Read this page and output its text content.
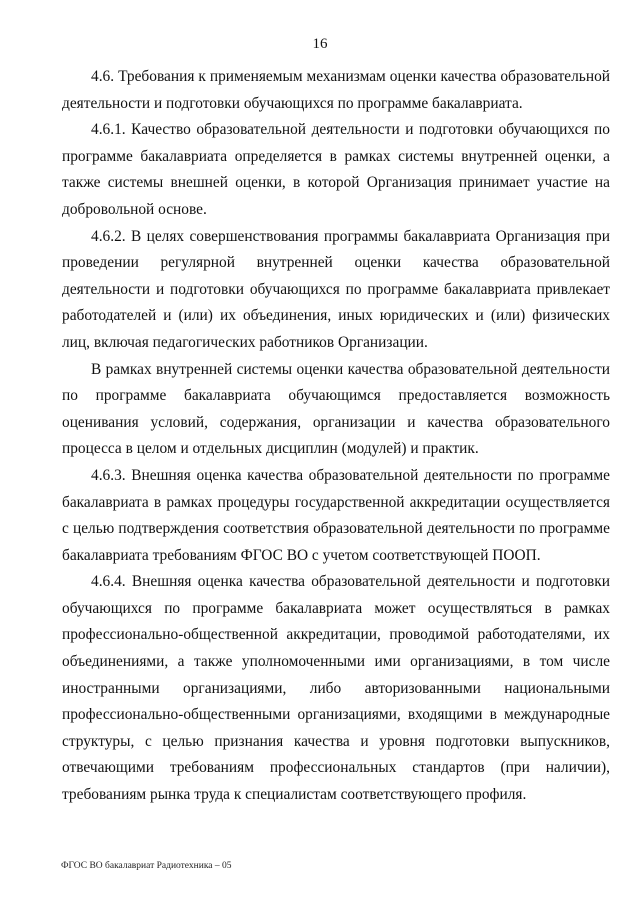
16

4.6. Требования к применяемым механизмам оценки качества образовательной деятельности и подготовки обучающихся по программе бакалавриата.

4.6.1. Качество образовательной деятельности и подготовки обучающихся по программе бакалавриата определяется в рамках системы внутренней оценки, а также системы внешней оценки, в которой Организация принимает участие на добровольной основе.

4.6.2. В целях совершенствования программы бакалавриата Организация при проведении регулярной внутренней оценки качества образовательной деятельности и подготовки обучающихся по программе бакалавриата привлекает работодателей и (или) их объединения, иных юридических и (или) физических лиц, включая педагогических работников Организации.

В рамках внутренней системы оценки качества образовательной деятельности по программе бакалавриата обучающимся предоставляется возможность оценивания условий, содержания, организации и качества образовательного процесса в целом и отдельных дисциплин (модулей) и практик.

4.6.3. Внешняя оценка качества образовательной деятельности по программе бакалавриата в рамках процедуры государственной аккредитации осуществляется с целью подтверждения соответствия образовательной деятельности по программе бакалавриата требованиям ФГОС ВО с учетом соответствующей ПООП.

4.6.4. Внешняя оценка качества образовательной деятельности и подготовки обучающихся по программе бакалавриата может осуществляться в рамках профессионально-общественной аккредитации, проводимой работодателями, их объединениями, а также уполномоченными ими организациями, в том числе иностранными организациями, либо авторизованными национальными профессионально-общественными организациями, входящими в международные структуры, с целью признания качества и уровня подготовки выпускников, отвечающими требованиям профессиональных стандартов (при наличии), требованиям рынка труда к специалистам соответствующего профиля.

ФГОС ВО бакалавриат Радиотехника – 05
